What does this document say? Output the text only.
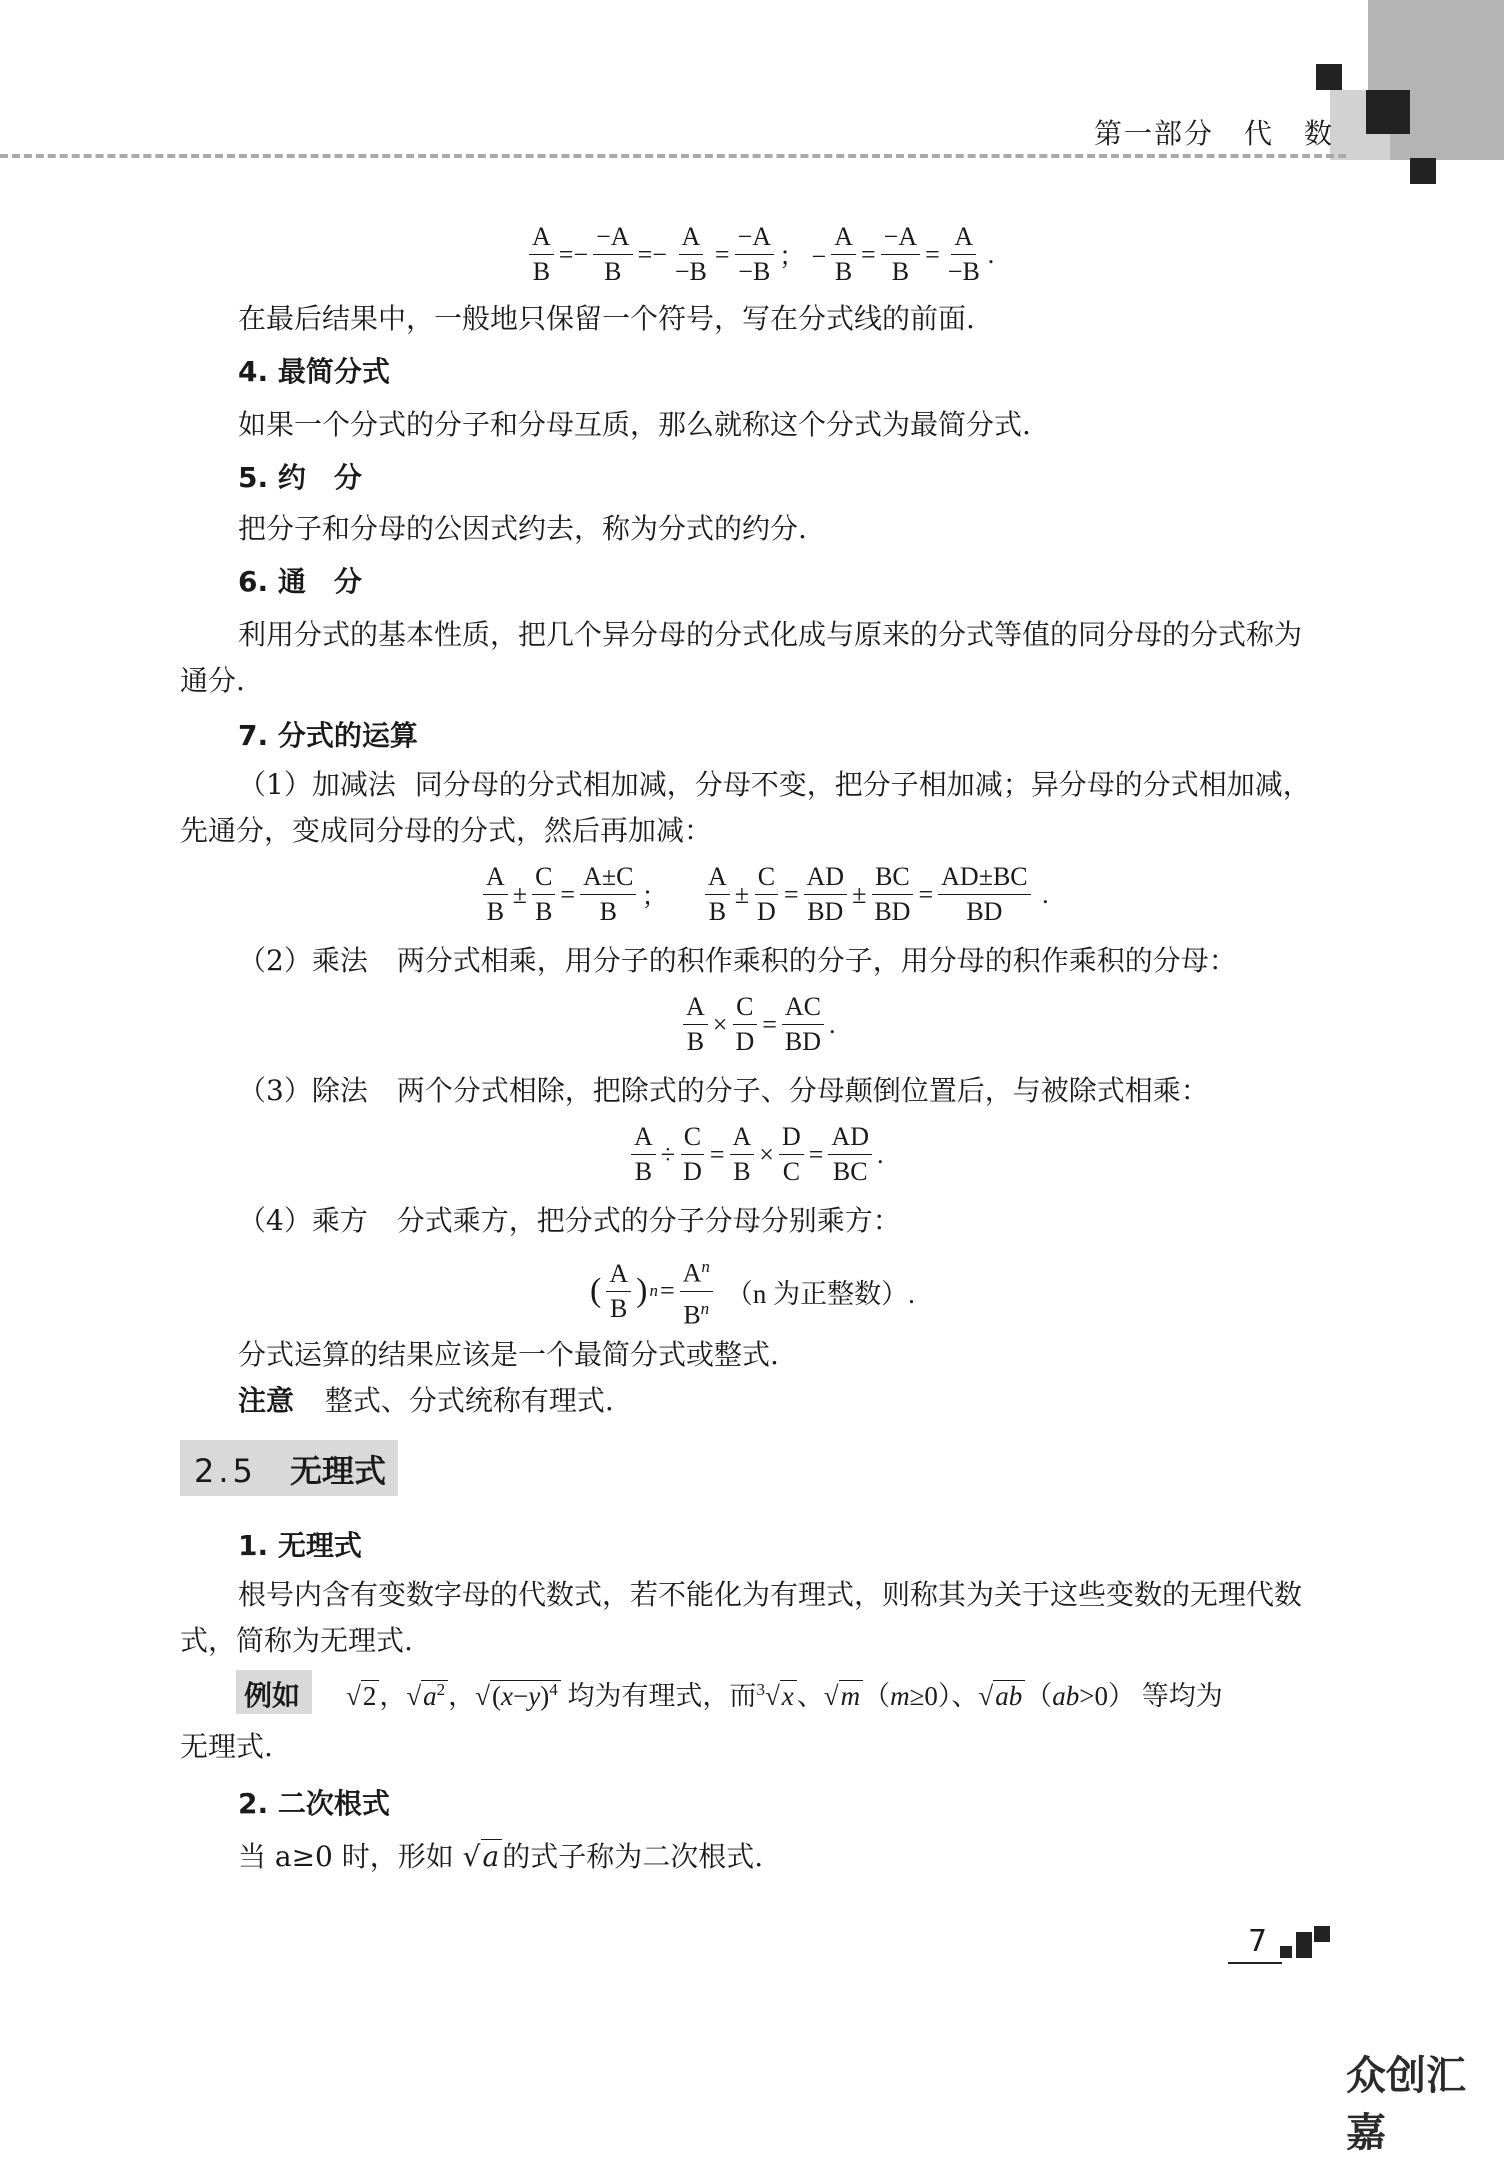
第一部分　代　数
$\frac{A}{B} =- \frac{-A}{B} =- \frac{A}{-B} = \frac{-A}{-B}$ ； − $\frac{A}{B} = \frac{-A}{B} = \frac{A}{-B}$ .
在最后结果中，一般地只保留一个符号，写在分式线的前面.
4. 最简分式
如果一个分式的分子和分母互质，那么就称这个分式为最简分式.
5. 约　分
把分子和分母的公因式约去，称为分式的约分.
6. 通　分
利用分式的基本性质，把几个异分母的分式化成与原来的分式等值的同分母的分式称为通分.
7. 分式的运算
（1）加减法 同分母的分式相加减，分母不变，把分子相加减；异分母的分式相加减，先通分，变成同分母的分式，然后再加减：
$\frac{A}{B} \pm \frac{C}{B} = \frac{A\pm C}{B}$ ； $\frac{A}{B} \pm \frac{C}{D} = \frac{AD}{BD} \pm \frac{BC}{BD} = \frac{AD\pm BC}{BD}$ .
（2）乘法 两分式相乘，用分子的积作乘积的分子，用分母的积作乘积的分母：
$\frac{A}{B} \times \frac{C}{D} = \frac{AC}{BD}$ .
（3）除法 两个分式相除，把除式的分子、分母颠倒位置后，与被除式相乘：
$\frac{A}{B} \div \frac{C}{D} = \frac{A}{B} \times \frac{D}{C} = \frac{AD}{BC}$ .
（4）乘方 分式乘方，把分式的分子分母分别乘方：
( $\frac{A}{B}$ ) $n = \frac{A^n}{B^n} (n$ 为正整数）.
分式运算的结果应该是一个最简分式或整式.
注意 整式、分式统称有理式.
2.5 无理式
1. 无理式
根号内含有变数字母的代数式，若不能化为有理式，则称其为关于这些变数的无理代数式，简称为无理式.
例如 √2 ，$√a^2$ ，$√(x-y)^4$ 均为有理式，而$^3$√x 、√m （m≥0）、√ab （ab>0） 等均为
无理式.
2. 二次根式
当 a≥0 时，形如 √a 的式子称为二次根式.
7
众创汇嘉
